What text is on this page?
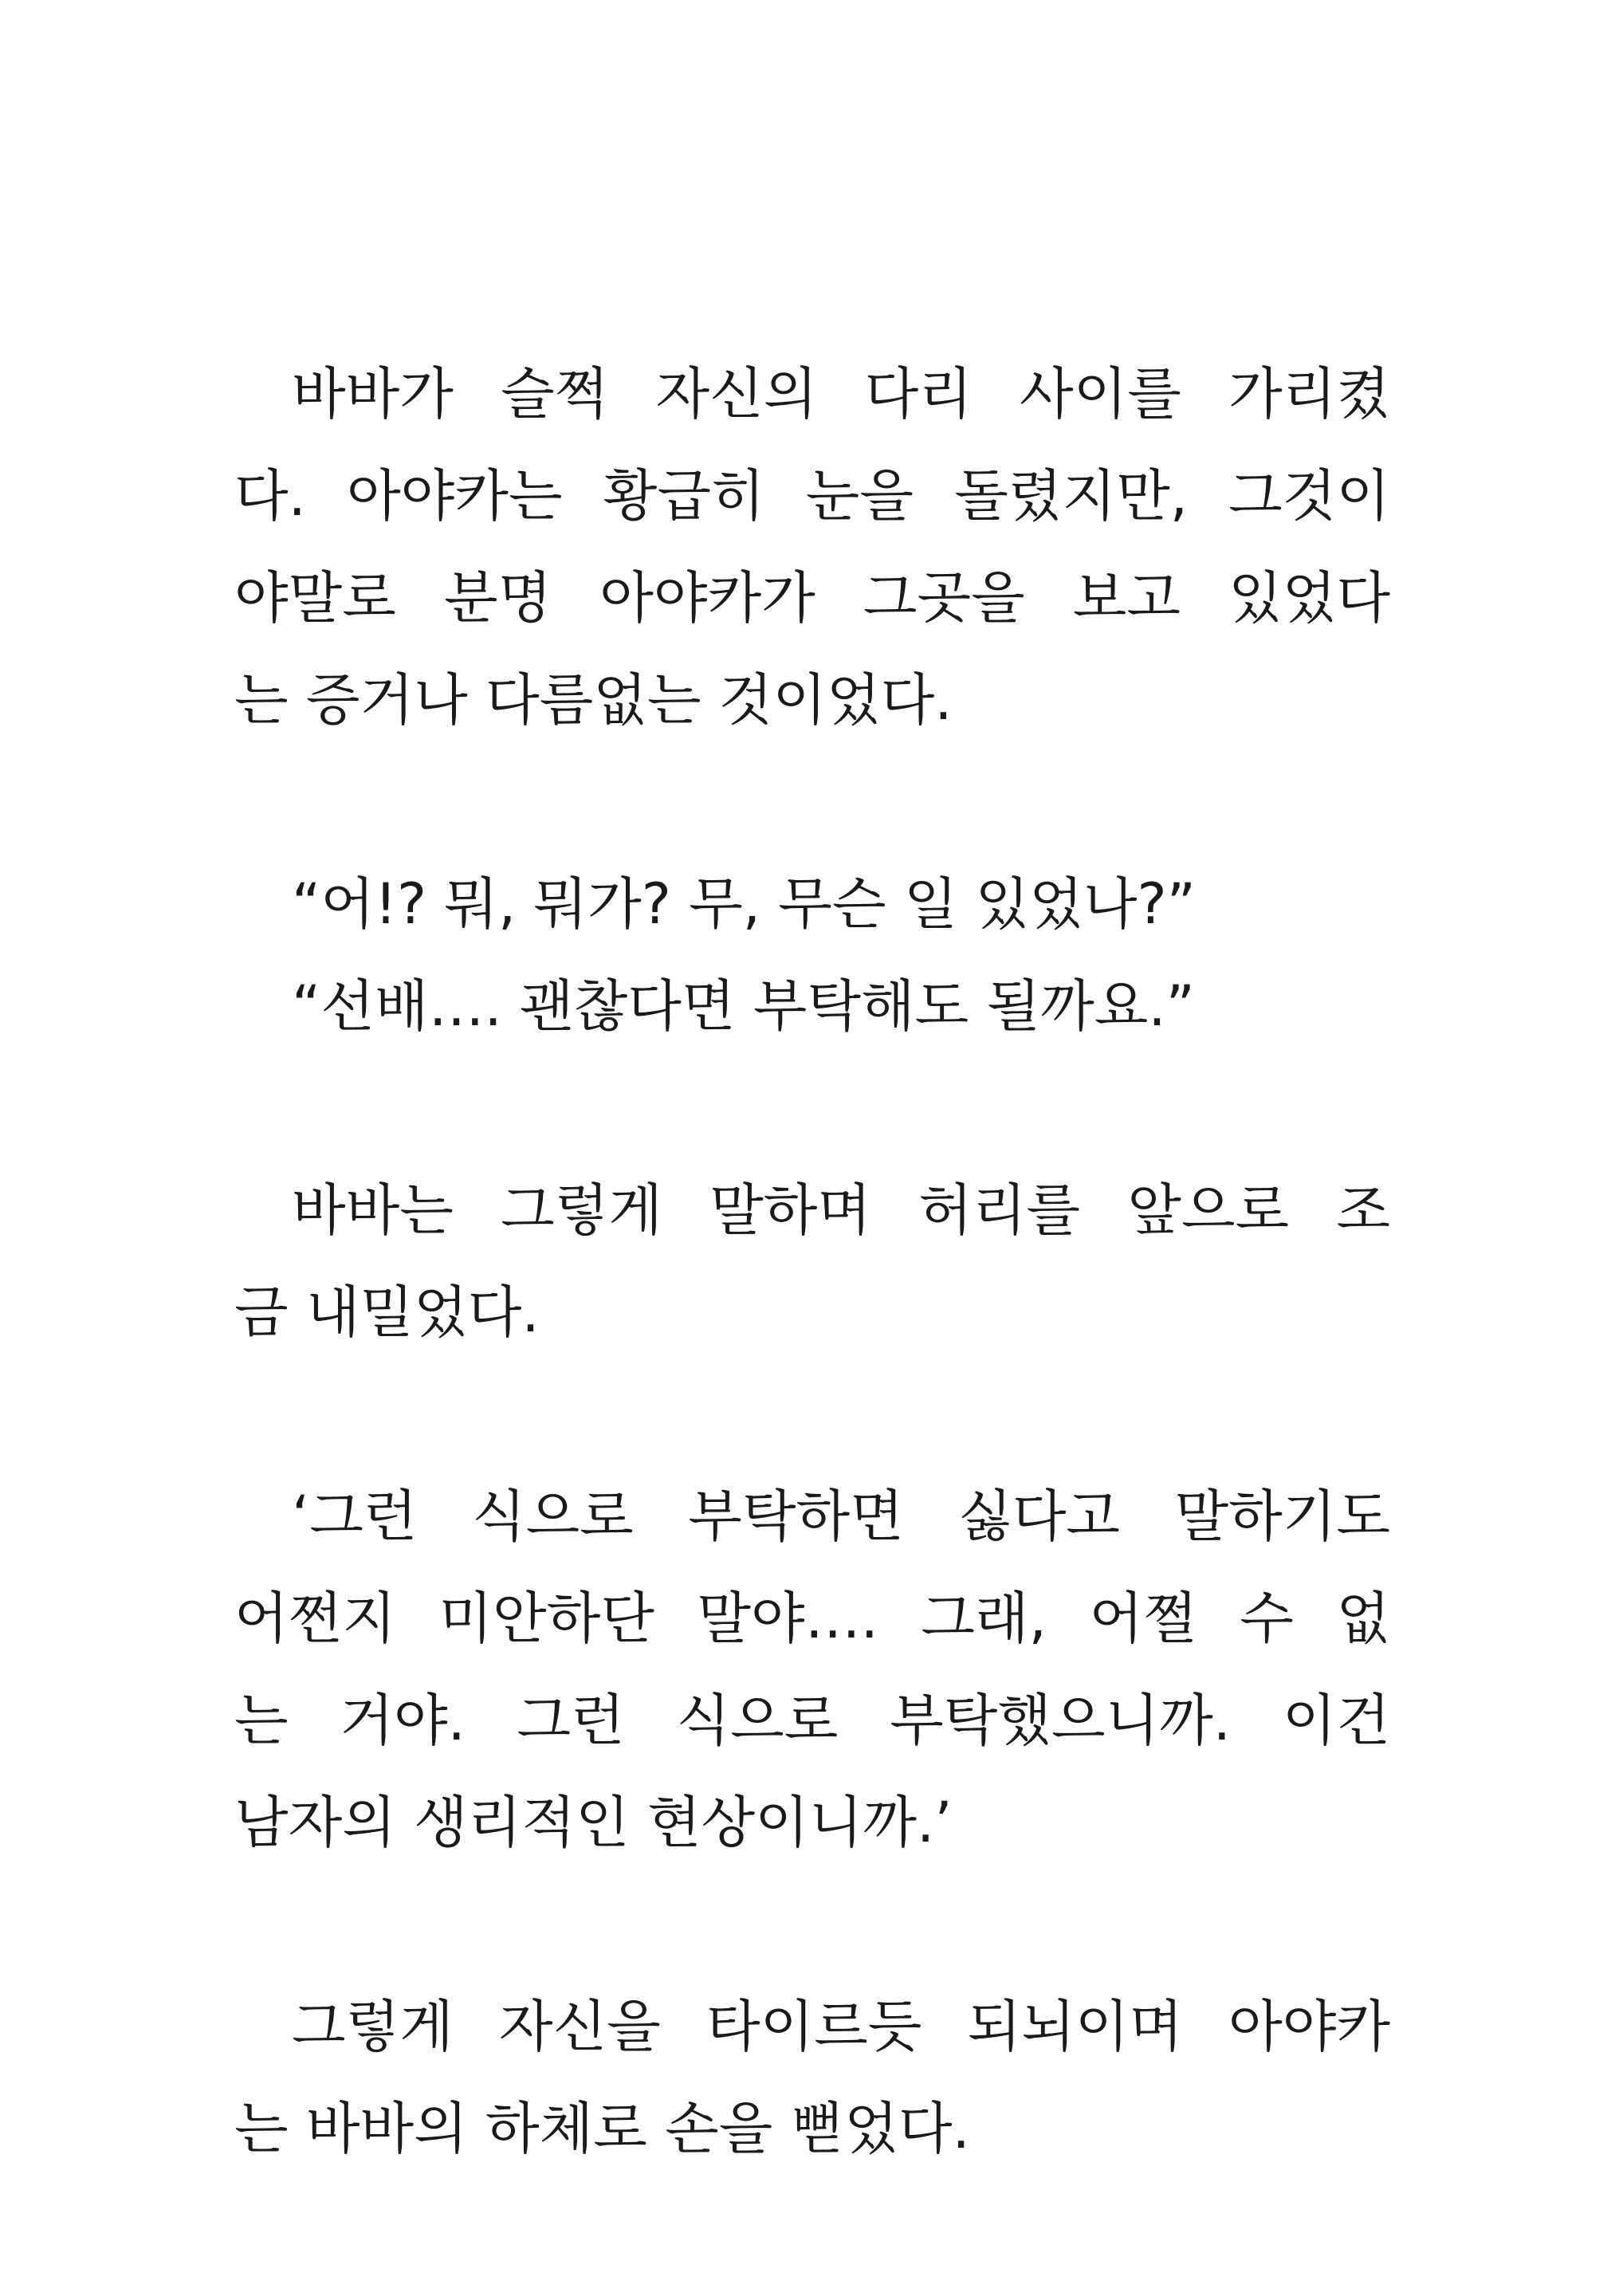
바바가 슬쩍 자신의 다리 사이를 가리켰
다. 아야카는 황급히 눈을 돌렸지만, 그것이
야말로 분명 아야카가 그곳을 보고 있었다
는 증거나 다름없는 것이었다.
“어!? 뭐, 뭐가? 무, 무슨 일 있었나?”
“선배…. 괜찮다면 부탁해도 될까요.”
바바는 그렇게 말하며 허리를 앞으로 조
금 내밀었다.
‘그런 식으로 부탁하면 싫다고 말하기도
어쩐지 미안하단 말야…. 그래, 어쩔 수 없
는 거야. 그런 식으로 부탁했으니까. 이건
남자의 생리적인 현상이니까.’
그렇게 자신을 타이르듯 되뇌이며 아야카
는 바바의 하체로 손을 뻗었다.
